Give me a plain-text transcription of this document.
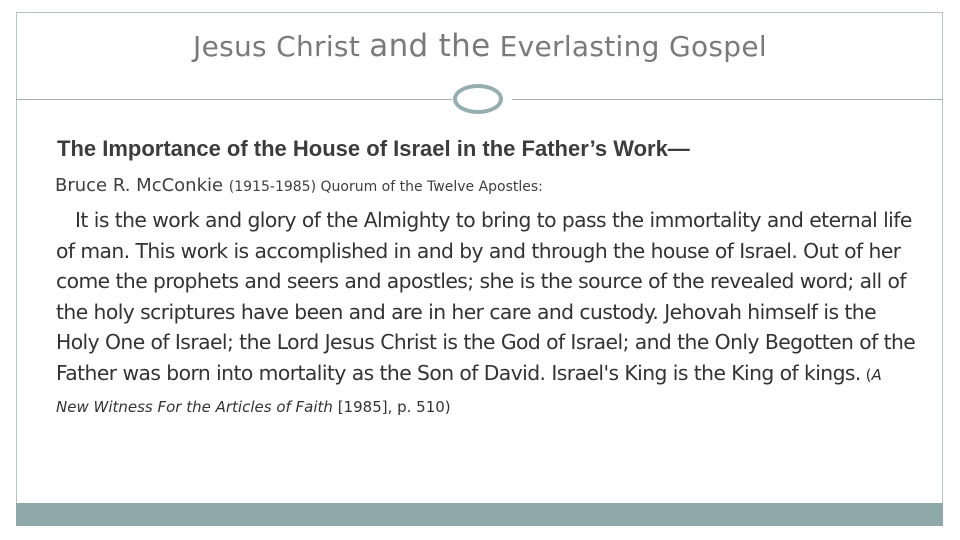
Jesus Christ and the Everlasting Gospel
The Importance of the House of Israel in the Father’s Work—
Bruce R. McConkie (1915-1985) Quorum of the Twelve Apostles:
It is the work and glory of the Almighty to bring to pass the immortality and eternal life of man. This work is accomplished in and by and through the house of Israel. Out of her come the prophets and seers and apostles; she is the source of the revealed word; all of the holy scriptures have been and are in her care and custody. Jehovah himself is the Holy One of Israel; the Lord Jesus Christ is the God of Israel; and the Only Begotten of the Father was born into mortality as the Son of David. Israel's King is the King of kings. (A New Witness For the Articles of Faith [1985], p. 510)
